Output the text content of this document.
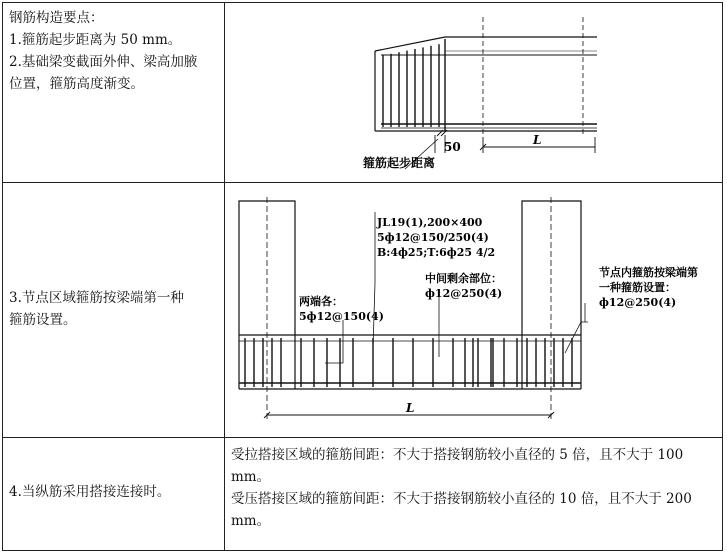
钢筋构造要点：
1.箍筋起步距离为 50 mm。
2.基础梁变截面外伸、梁高加腋
位置，箍筋高度渐变。
50	L
箍筋起步距离
3.节点区域箍筋按梁端第一种
箍筋设置。
L
JL19(1),200×400
5ф12@150/250(4)
B:4ф25;T:6ф25 4/2
两端各：
5ф12@150(4)
中间剩余部位：
ф12@250(4)
节点内箍筋按梁端第
一种箍筋设置：
ф12@250(4)
4.当纵筋采用搭接连接时。

受拉搭接区域的箍筋间距：不大于搭接钢筋较小直径的 5 倍，且不大于 100 mm。

受压搭接区域的箍筋间距：不大于搭接钢筋较小直径的 10 倍，且不大于 200 mm。
